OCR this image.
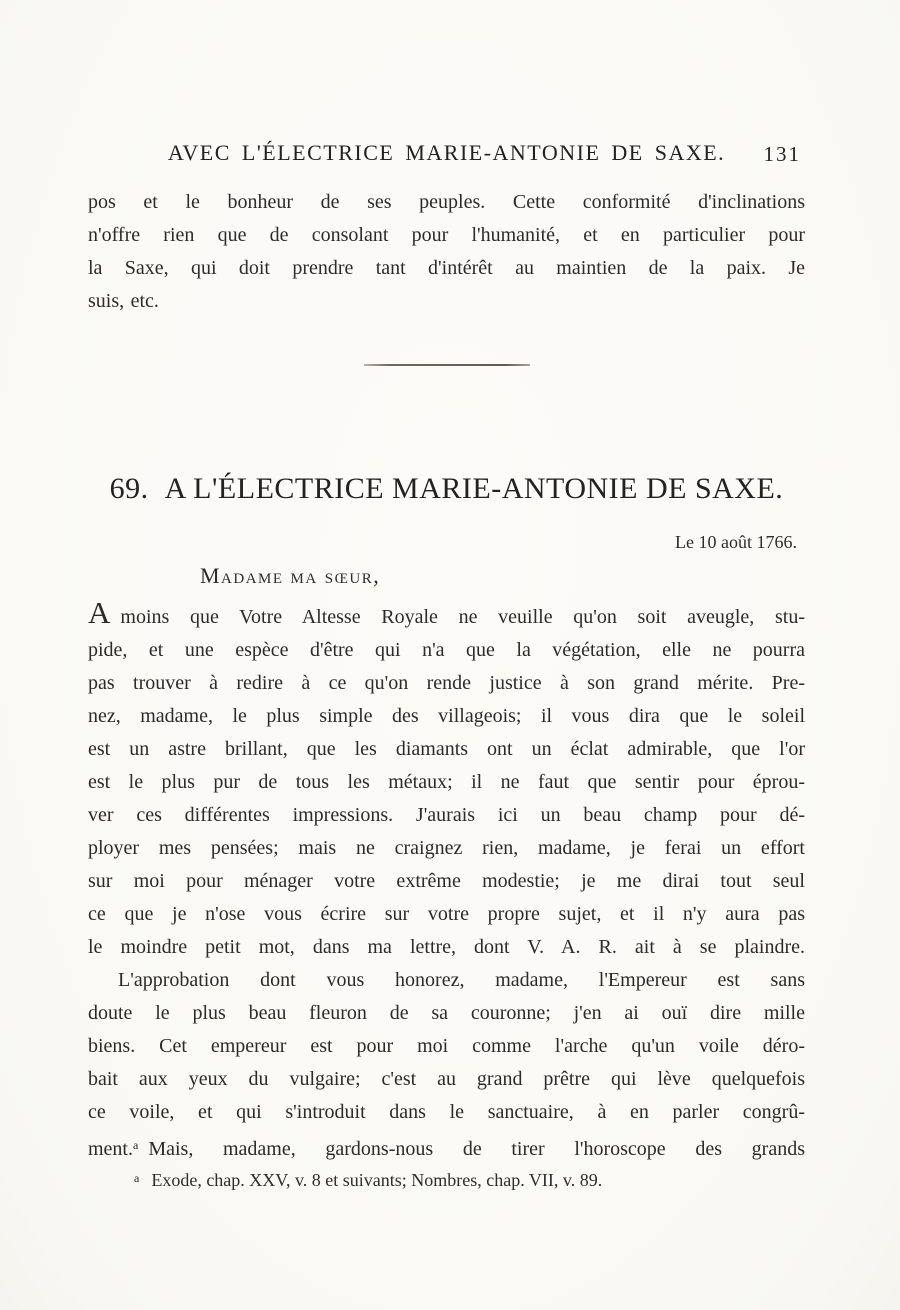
AVEC L'ÉLECTRICE MARIE-ANTONIE DE SAXE. 131
pos et le bonheur de ses peuples. Cette conformité d'inclinations
n'offre rien que de consolant pour l'humanité, et en particulier pour
la Saxe, qui doit prendre tant d'intérêt au maintien de la paix. Je
suis, etc.
69. A L'ÉLECTRICE MARIE-ANTONIE DE SAXE.
Le 10 août 1766.
Madame ma sœur,
Amoins que Votre Altesse Royale ne veuille qu'on soit aveugle, stu-
pide, et une espèce d'être qui n'a que la végétation, elle ne pourra
pas trouver à redire à ce qu'on rende justice à son grand mérite. Pre-
nez, madame, le plus simple des villageois; il vous dira que le soleil
est un astre brillant, que les diamants ont un éclat admirable, que l'or
est le plus pur de tous les métaux; il ne faut que sentir pour éprou-
ver ces différentes impressions. J'aurais ici un beau champ pour dé-
ployer mes pensées; mais ne craignez rien, madame, je ferai un effort
sur moi pour ménager votre extrême modestie; je me dirai tout seul
ce que je n'ose vous écrire sur votre propre sujet, et il n'y aura pas
le moindre petit mot, dans ma lettre, dont V. A. R. ait à se plaindre.
L'approbation dont vous honorez, madame, l'Empereur est sans
doute le plus beau fleuron de sa couronne; j'en ai ouï dire mille
biens. Cet empereur est pour moi comme l'arche qu'un voile déro-
bait aux yeux du vulgaire; c'est au grand prêtre qui lève quelquefois
ce voile, et qui s'introduit dans le sanctuaire, à en parler congrû-
ment.$^a$ Mais, madame, gardons-nous de tirer l'horoscope des grands
$^a$ Exode, chap. XXV, v. 8 et suivants; Nombres, chap. VII, v. 89.
